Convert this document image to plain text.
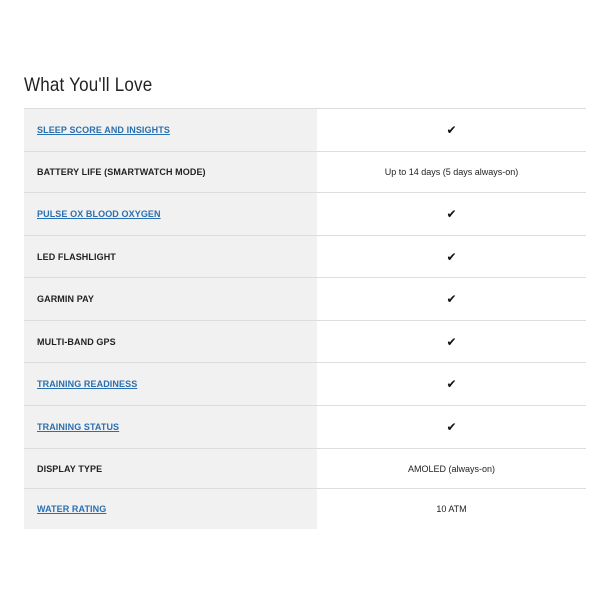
What You'll Love
SLEEP SCORE AND INSIGHTS	✔
BATTERY LIFE (SMARTWATCH MODE)	Up to 14 days (5 days always-on)
PULSE OX BLOOD OXYGEN	✔
LED FLASHLIGHT	✔
GARMIN PAY	✔
MULTI-BAND GPS	✔
TRAINING READINESS	✔
TRAINING STATUS	✔
DISPLAY TYPE	AMOLED (always-on)
WATER RATING	10 ATM
